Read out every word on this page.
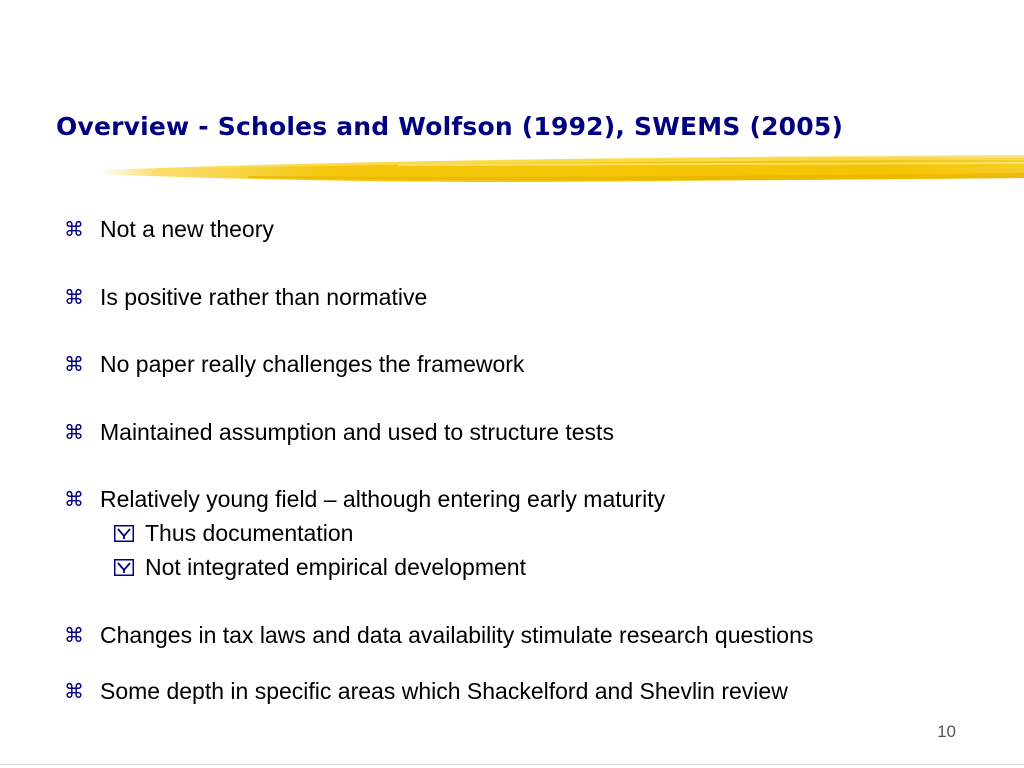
Overview - Scholes and Wolfson (1992), SWEMS (2005)
⌘ Not a new theory
⌘ Is positive rather than normative
⌘ No paper really challenges the framework
⌘ Maintained assumption and used to structure tests
⌘ Relatively young field – although entering early maturity
Thus documentation
Not integrated empirical development
⌘ Changes in tax laws and data availability stimulate research questions
⌘ Some depth in specific areas which Shackelford and Shevlin review
10
